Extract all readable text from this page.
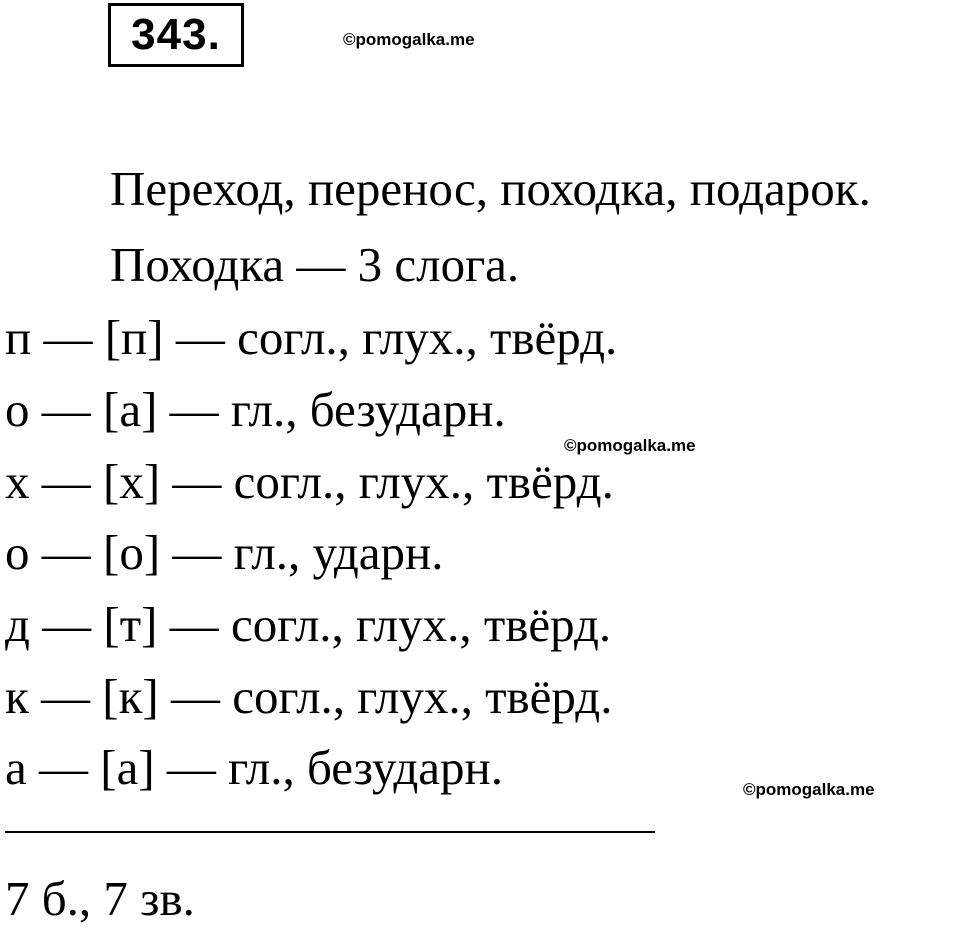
343.	©pomogalka.me
©pomogalka.me
©pomogalka.me
Переход, перенос, походка, подарок.
Походка — 3 слога.
п — [п] — согл., глух., твёрд.
о — [а] — гл., безударн.
х — [х] — согл., глух., твёрд.
о — [о] — гл., ударн.
д — [т] — согл., глух., твёрд.
к — [к] — согл., глух., твёрд.
а — [а] — гл., безударн.
7 б., 7 зв.
